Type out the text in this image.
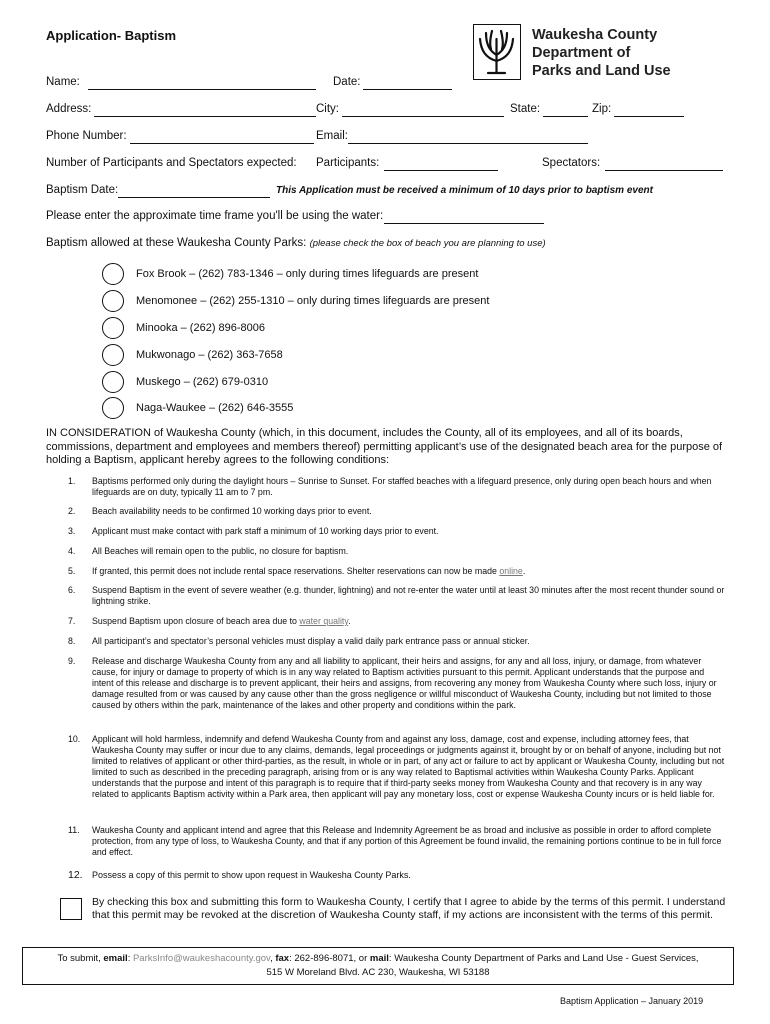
Application- Baptism	Waukesha County
Department of
Parks and Land Use
Name:	Date:
Address:	City:	State:	Zip:
Phone Number:	Email:
Number of Participants and Spectators expected: Participants:	Spectators:
Baptism Date:	This Application must be received a minimum of 10 days prior to baptism event
Please enter the approximate time frame you'll be using the water:
Baptism allowed at these Waukesha County Parks: (please check the box of beach you are planning to use)
Fox Brook – (262) 783-1346 – only during times lifeguards are present
Menomonee – (262) 255-1310 – only during times lifeguards are present
Minooka – (262) 896-8006
Mukwonago – (262) 363-7658
Muskego – (262) 679-0310
Naga-Waukee – (262) 646-3555
IN CONSIDERATION of Waukesha County (which, in this document, includes the County, all of its employees, and all of its boards, commissions, department and employees and members thereof) permitting applicant’s use of the designated beach area for the purpose of holding a Baptism, applicant hereby agrees to the following conditions:
1.	Baptisms performed only during the daylight hours – Sunrise to Sunset. For staffed beaches with a lifeguard presence, only during open beach hours and when lifeguards are on duty, typically 11 am to 7 pm.
2.	Beach availability needs to be confirmed 10 working days prior to event.
3.	Applicant must make contact with park staff a minimum of 10 working days prior to event.
4.	All Beaches will remain open to the public, no closure for baptism.
5.	If granted, this permit does not include rental space reservations. Shelter reservations can now be made online.
6.	Suspend Baptism in the event of severe weather (e.g. thunder, lightning) and not re-enter the water until at least 30 minutes after the most recent thunder sound or lightning strike.
7.	Suspend Baptism upon closure of beach area due to water quality.
8.	All participant’s and spectator’s personal vehicles must display a valid daily park entrance pass or annual sticker.
9.	Release and discharge Waukesha County from any and all liability to applicant, their heirs and assigns, for any and all loss, injury, or damage, from whatever cause, for injury or damage to property of which is in any way related to Baptism activities pursuant to this permit. Applicant understands that the purpose and intent of this release and discharge is to prevent applicant, their heirs and assigns, from recovering any money from Waukesha County where such loss, injury or damage resulted from or was caused by any cause other than the gross negligence or willful misconduct of Waukesha County, including but not limited to those caused by others within the park, maintenance of the lakes and other property and conditions within the park.
10.	Applicant will hold harmless, indemnify and defend Waukesha County from and against any loss, damage, cost and expense, including attorney fees, that Waukesha County may suffer or incur due to any claims, demands, legal proceedings or judgments against it, brought by or on behalf of anyone, including but not limited to relatives of applicant or other third-parties, as the result, in whole or in part, of any act or failure to act by applicant or Waukesha County, including but not limited to such as described in the preceding paragraph, arising from or is any way related to Baptismal activities within Waukesha County Parks. Applicant understands that the purpose and intent of this paragraph is to require that if third-party seeks money from Waukesha County and that recovery is in any way related to applicants Baptism activity within a Park area, then applicant will pay any monetary loss, cost or expense Waukesha County incurs or is held liable for.
11.	Waukesha County and applicant intend and agree that this Release and Indemnity Agreement be as broad and inclusive as possible in order to afford complete protection, from any type of loss, to Waukesha County, and that if any portion of this Agreement be found invalid, the remaining portions continue to be in full force and effect.
12.	Possess a copy of this permit to show upon request in Waukesha County Parks.
By checking this box and submitting this form to Waukesha County, I certify that I agree to abide by the terms of this permit. I understand that this permit may be revoked at the discretion of Waukesha County staff, if my actions are inconsistent with the terms of this permit.
To submit, email: ParksInfo@waukeshacounty.gov, fax: 262-896-8071, or mail: Waukesha County Department of Parks and Land Use - Guest Services,
515 W Moreland Blvd. AC 230, Waukesha, WI 53188
Baptism Application – January 2019
